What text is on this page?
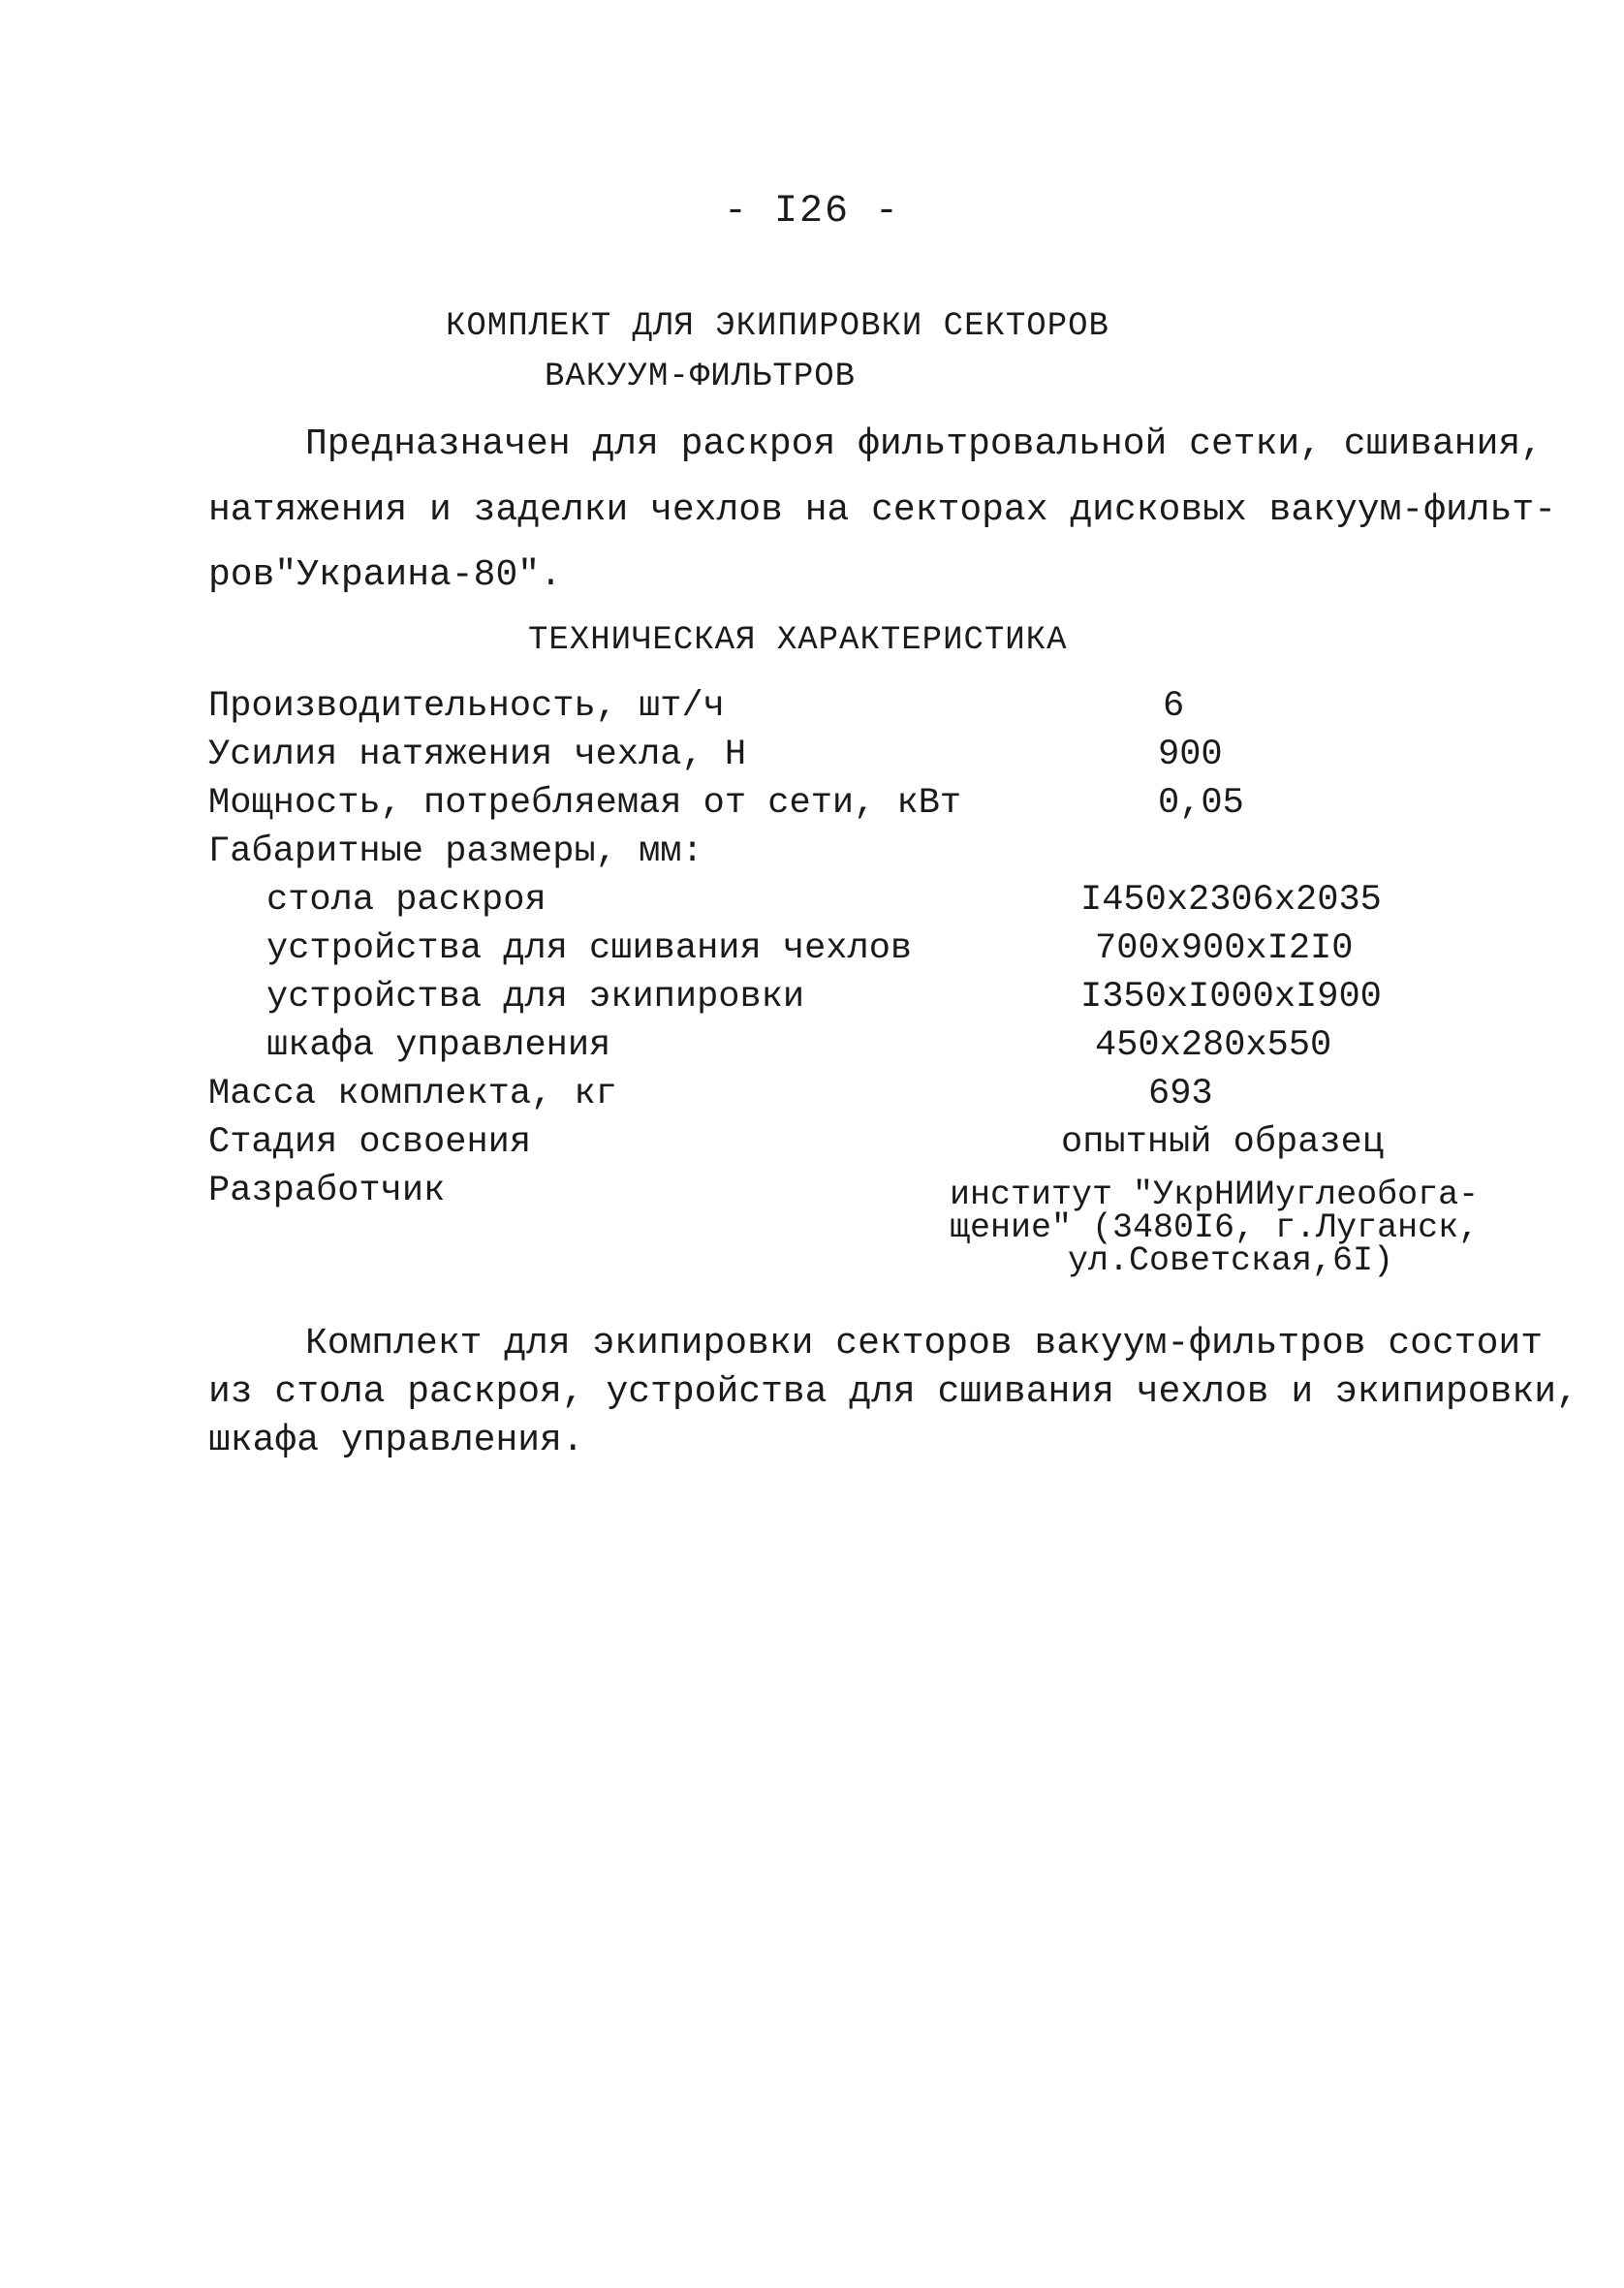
- I26 -
КОМПЛЕКТ ДЛЯ ЭКИПИРОВКИ СЕКТОРОВ
ВАКУУМ-ФИЛЬТРОВ
Предназначен для раскроя фильтровальной сетки, сшивания,
натяжения и заделки чехлов на секторах дисковых вакуум-фильт-
ров"Украина-80".
ТЕХНИЧЕСКАЯ ХАРАКТЕРИСТИКА
Производительность, шт/ч	6
Усилия натяжения чехла, Н	900
Мощность, потребляемая от сети, кВт	0,05
Габаритные размеры, мм:
стола раскроя	I450x2306x2035
устройства для сшивания чехлов	700x900xI2I0
устройства для экипировки	I350xI000xI900
шкафа управления	450x280x550
Масса комплекта, кг	693
Стадия освоения	опытный образец
Разработчик	институт "УкрНИИуглеобога-
щение" (3480I6, г.Луганск,
ул.Советская,6I)
Комплект для экипировки секторов вакуум-фильтров состоит
из стола раскроя, устройства для сшивания чехлов и экипировки,
шкафа управления.
